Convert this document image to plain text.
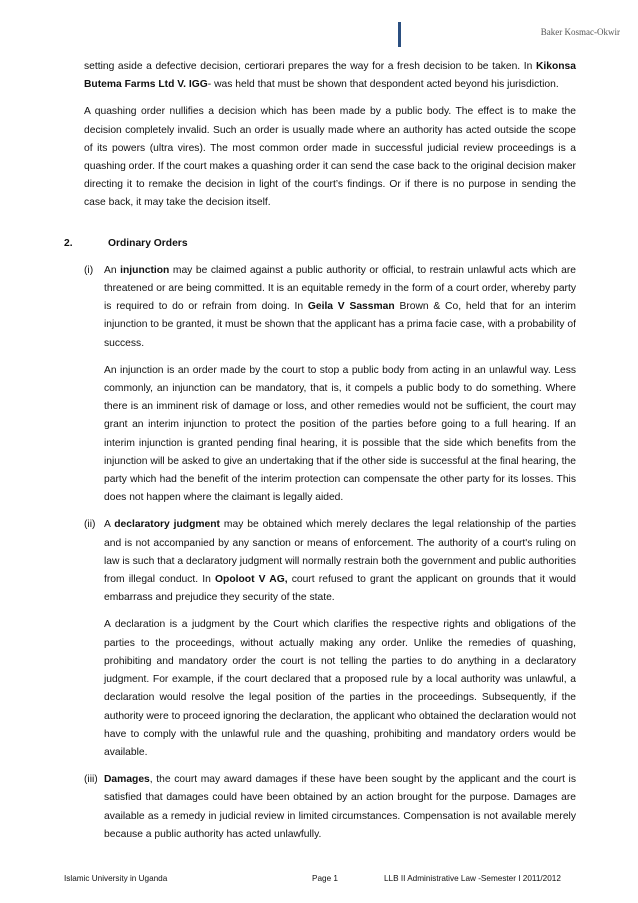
Baker Kosmac-Okwir

setting aside a defective decision, certiorari prepares the way for a fresh decision to be taken. In Kikonsa Butema Farms Ltd V. IGG- was held that must be shown that despondent acted beyond his jurisdiction.

A quashing order nullifies a decision which has been made by a public body. The effect is to make the decision completely invalid. Such an order is usually made where an authority has acted outside the scope of its powers (ultra vires). The most common order made in successful judicial review proceedings is a quashing order. If the court makes a quashing order it can send the case back to the original decision maker directing it to remake the decision in light of the court’s findings. Or if there is no purpose in sending the case back, it may take the decision itself.

2.	Ordinary Orders
(i) An injunction may be claimed against a public authority or official, to restrain unlawful acts which are threatened or are being committed. It is an equitable remedy in the form of a court order, whereby party is required to do or refrain from doing. In Geila V Sassman Brown & Co, held that for an interim injunction to be granted, it must be shown that the applicant has a prima facie case, with a probability of success.

An injunction is an order made by the court to stop a public body from acting in an unlawful way. Less commonly, an injunction can be mandatory, that is, it compels a public body to do something. Where there is an imminent risk of damage or loss, and other remedies would not be sufficient, the court may grant an interim injunction to protect the position of the parties before going to a full hearing. If an interim injunction is granted pending final hearing, it is possible that the side which benefits from the injunction will be asked to give an undertaking that if the other side is successful at the final hearing, the party which had the benefit of the interim protection can compensate the other party for its losses. This does not happen where the claimant is legally aided.

(ii) A declaratory judgment may be obtained which merely declares the legal relationship of the parties and is not accompanied by any sanction or means of enforcement. The authority of a court's ruling on law is such that a declaratory judgment will normally restrain both the government and public authorities from illegal conduct. In Opoloot V AG, court refused to grant the applicant on grounds that it would embarrass and prejudice they security of the state.

A declaration is a judgment by the Court which clarifies the respective rights and obligations of the parties to the proceedings, without actually making any order. Unlike the remedies of quashing, prohibiting and mandatory order the court is not telling the parties to do anything in a declaratory judgment. For example, if the court declared that a proposed rule by a local authority was unlawful, a declaration would resolve the legal position of the parties in the proceedings. Subsequently, if the authority were to proceed ignoring the declaration, the applicant who obtained the declaration would not have to comply with the unlawful rule and the quashing, prohibiting and mandatory orders would be available.

(iii) Damages, the court may award damages if these have been sought by the applicant and the court is satisfied that damages could have been obtained by an action brought for the purpose. Damages are available as a remedy in judicial review in limited circumstances. Compensation is not available merely because a public authority has acted unlawfully.

Islamic University in Uganda	Page 1	LLB II Administrative Law -Semester I 2011/2012
